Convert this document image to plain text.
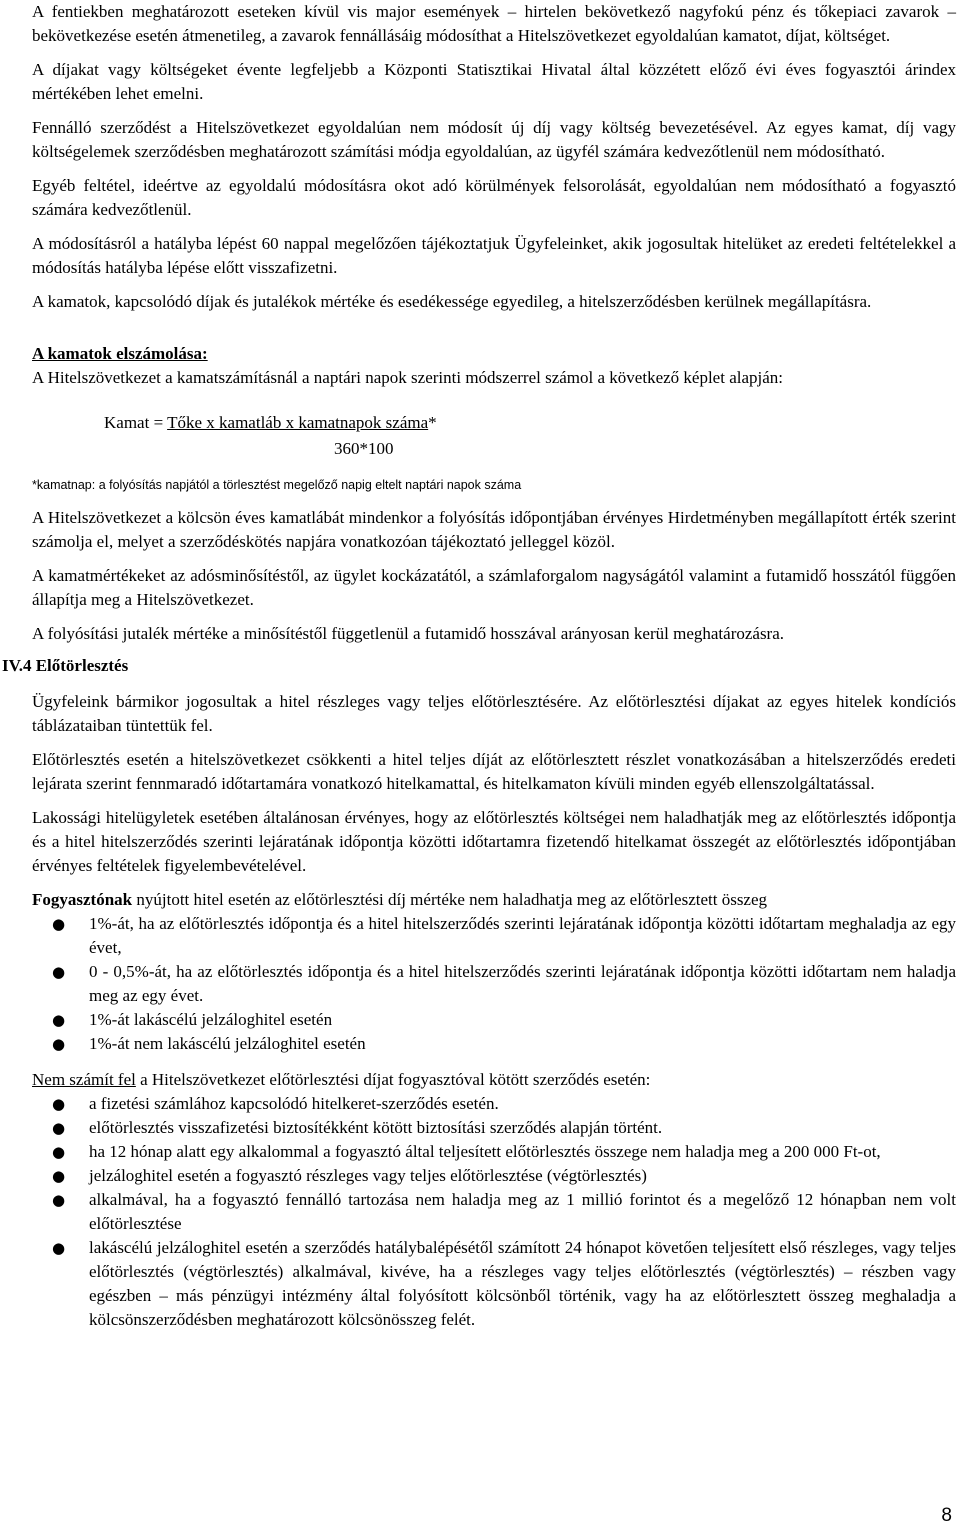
A fentiekben meghatározott eseteken kívül vis major események – hirtelen bekövetkező nagyfokú pénz és tőkepiaci zavarok – bekövetkezése esetén átmenetileg, a zavarok fennállásáig módosíthat a Hitelszövetkezet egyoldalúan kamatot, díjat, költséget.

A díjakat vagy költségeket évente legfeljebb a Központi Statisztikai Hivatal által közzétett előző évi éves fogyasztói árindex mértékében lehet emelni.

Fennálló szerződést a Hitelszövetkezet egyoldalúan nem módosít új díj vagy költség bevezetésével. Az egyes kamat, díj vagy költségelemek szerződésben meghatározott számítási módja egyoldalúan, az ügyfél számára kedvezőtlenül nem módosítható.

Egyéb feltétel, ideértve az egyoldalú módosításra okot adó körülmények felsorolását, egyoldalúan nem módosítható a fogyasztó számára kedvezőtlenül.

A módosításról a hatályba lépést 60 nappal megelőzően tájékoztatjuk Ügyfeleinket, akik jogosultak hitelüket az eredeti feltételekkel a módosítás hatályba lépése előtt visszafizetni.

A kamatok, kapcsolódó díjak és jutalékok mértéke és esedékessége egyedileg, a hitelszerződésben kerülnek megállapításra.

A kamatok elszámolása:

A Hitelszövetkezet a kamatszámításnál a naptári napok szerinti módszerrel számol a következő képlet alapján:

Kamat = Tőke x kamatláb x kamatnapok száma*
360*100

*kamatnap: a folyósítás napjától a törlesztést megelőző napig eltelt naptári napok száma

A Hitelszövetkezet a kölcsön éves kamatlábát mindenkor a folyósítás időpontjában érvényes Hirdetményben megállapított érték szerint számolja el, melyet a szerződéskötés napjára vonatkozóan tájékoztató jelleggel közöl.

A kamatmértékeket az adósminősítéstől, az ügylet kockázatától, a számlaforgalom nagyságától valamint a futamidő hosszától függően állapítja meg a Hitelszövetkezet.

A folyósítási jutalék mértéke a minősítéstől függetlenül a futamidő hosszával arányosan kerül meghatározásra.

IV.4 Előtörlesztés

Ügyfeleink bármikor jogosultak a hitel részleges vagy teljes előtörlesztésére. Az előtörlesztési díjakat az egyes hitelek kondíciós táblázataiban tüntettük fel.

Előtörlesztés esetén a hitelszövetkezet csökkenti a hitel teljes díját az előtörlesztett részlet vonatkozásában a hitelszerződés eredeti lejárata szerint fennmaradó időtartamára vonatkozó hitelkamattal, és hitelkamaton kívüli minden egyéb ellenszolgáltatással.

Lakossági hitelügyletek esetében általánosan érvényes, hogy az előtörlesztés költségei nem haladhatják meg az előtörlesztés időpontja és a hitel hitelszerződés szerinti lejáratának időpontja közötti időtartamra fizetendő hitelkamat összegét az előtörlesztés időpontjában érvényes feltételek figyelembevételével.

Fogyasztónak nyújtott hitel esetén az előtörlesztési díj mértéke nem haladhatja meg az előtörlesztett összeg

● 1%-át, ha az előtörlesztés időpontja és a hitel hitelszerződés szerinti lejáratának időpontja közötti időtartam meghaladja az egy évet,
● 0 - 0,5%-át, ha az előtörlesztés időpontja és a hitel hitelszerződés szerinti lejáratának időpontja közötti időtartam nem haladja meg az egy évet.
● 1%-át lakáscélú jelzáloghitel esetén
● 1%-át nem lakáscélú jelzáloghitel esetén

Nem számít fel a Hitelszövetkezet előtörlesztési díjat fogyasztóval kötött szerződés esetén:

● a fizetési számlához kapcsolódó hitelkeret-szerződés esetén.
● előtörlesztés visszafizetési biztosítékként kötött biztosítási szerződés alapján történt.
● ha 12 hónap alatt egy alkalommal a fogyasztó által teljesített előtörlesztés összege nem haladja meg a 200 000 Ft-ot,
● jelzáloghitel esetén a fogyasztó részleges vagy teljes előtörlesztése (végtörlesztés)
● alkalmával, ha a fogyasztó fennálló tartozása nem haladja meg az 1 millió forintot és a megelőző 12 hónapban nem volt előtörlesztése
● lakáscélú jelzáloghitel esetén a szerződés hatálybalépésétől számított 24 hónapot követően teljesített első részleges, vagy teljes előtörlesztés (végtörlesztés) alkalmával, kivéve, ha a részleges vagy teljes előtörlesztés (végtörlesztés) – részben vagy egészben – más pénzügyi intézmény által folyósított kölcsönből történik, vagy ha az előtörlesztett összeg meghaladja a kölcsönszerződésben meghatározott kölcsönösszeg felét.
8
